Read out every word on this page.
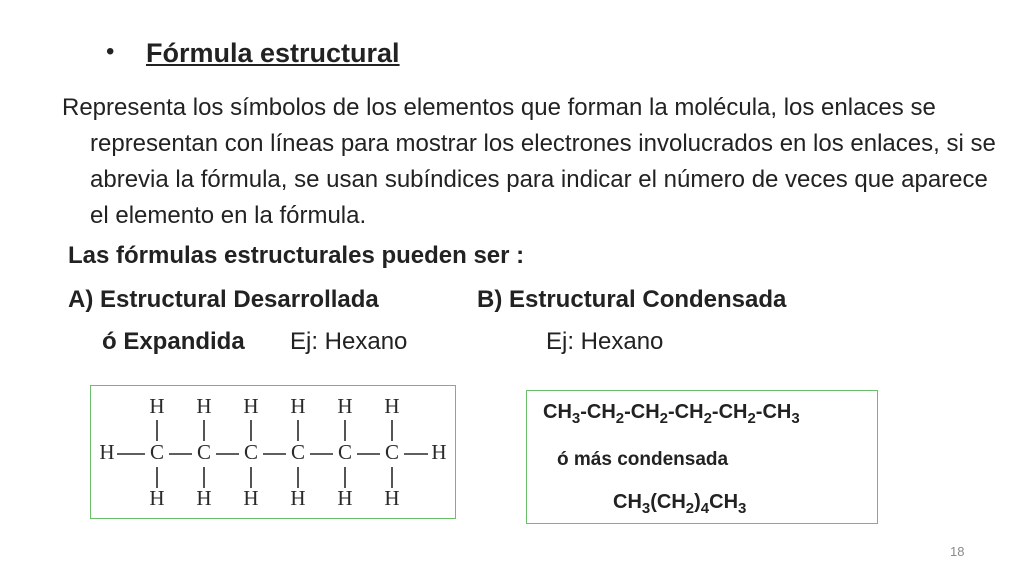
• Fórmula estructural
Representa los símbolos de los elementos que forman la molécula, los enlaces se representan con líneas para mostrar los electrones involucrados en los enlaces, si se abrevia la fórmula, se usan subíndices para indicar el número de veces que aparece el elemento en la fórmula.
Las fórmulas estructurales pueden ser :
A) Estructural Desarrollada	B) Estructural Condensada
ó Expandida Ej: Hexano	Ej: Hexano
H
H
C
H
H
C
H
H
C
H
H
C
H
H
C
H
H
C
H
H
$CH_3-CH_2-CH_2-CH_2-CH_2-CH_3$
ó más condensada
$CH_3(CH_2)_4CH_3$
18
